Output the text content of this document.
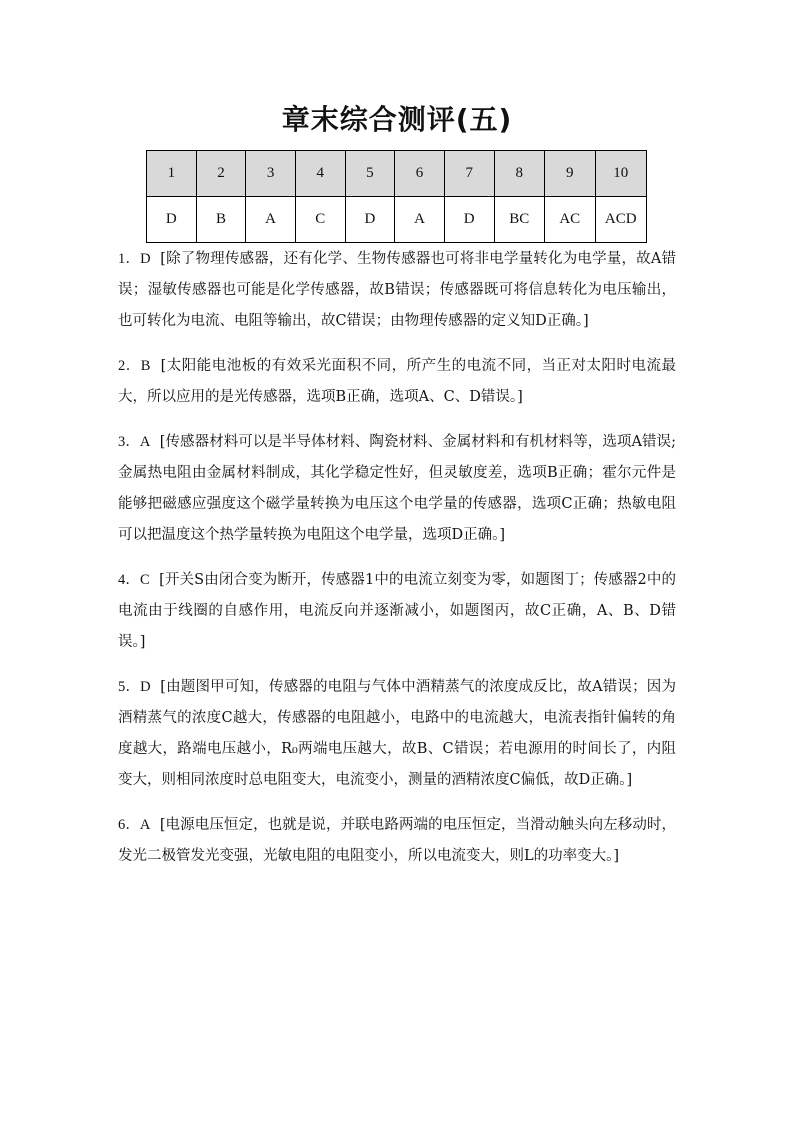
章末综合测评(五)
1	2	3	4	5	6	7	8	9	10
D	B	A	C	D	A	D	BC	AC	ACD
1．D [除了物理传感器，还有化学、生物传感器也可将非电学量转化为电学量，故A错误；湿敏传感器也可能是化学传感器，故B错误；传感器既可将信息转化为电压输出，也可转化为电流、电阻等输出，故C错误；由物理传感器的定义知D正确。]
2．B [太阳能电池板的有效采光面积不同，所产生的电流不同，当正对太阳时电流最大，所以应用的是光传感器，选项B正确，选项A、C、D错误。]
3．A [传感器材料可以是半导体材料、陶瓷材料、金属材料和有机材料等，选项A错误;金属热电阻由金属材料制成，其化学稳定性好，但灵敏度差，选项B正确；霍尔元件是能够把磁感应强度这个磁学量转换为电压这个电学量的传感器，选项C正确；热敏电阻可以把温度这个热学量转换为电阻这个电学量，选项D正确。]
4．C [开关S由闭合变为断开，传感器1中的电流立刻变为零，如题图丁；传感器2中的电流由于线圈的自感作用，电流反向并逐渐减小，如题图丙，故C正确，A、B、D错误。]
5．D [由题图甲可知，传感器的电阻与气体中酒精蒸气的浓度成反比，故A错误；因为酒精蒸气的浓度C越大，传感器的电阻越小，电路中的电流越大，电流表指针偏转的角度越大，路端电压越小，R₀两端电压越大，故B、C错误；若电源用的时间长了，内阻变大，则相同浓度时总电阻变大，电流变小，测量的酒精浓度C偏低，故D正确。]
6．A [电源电压恒定，也就是说，并联电路两端的电压恒定，当滑动触头向左移动时，发光二极管发光变强，光敏电阻的电阻变小，所以电流变大，则L的功率变大。]
